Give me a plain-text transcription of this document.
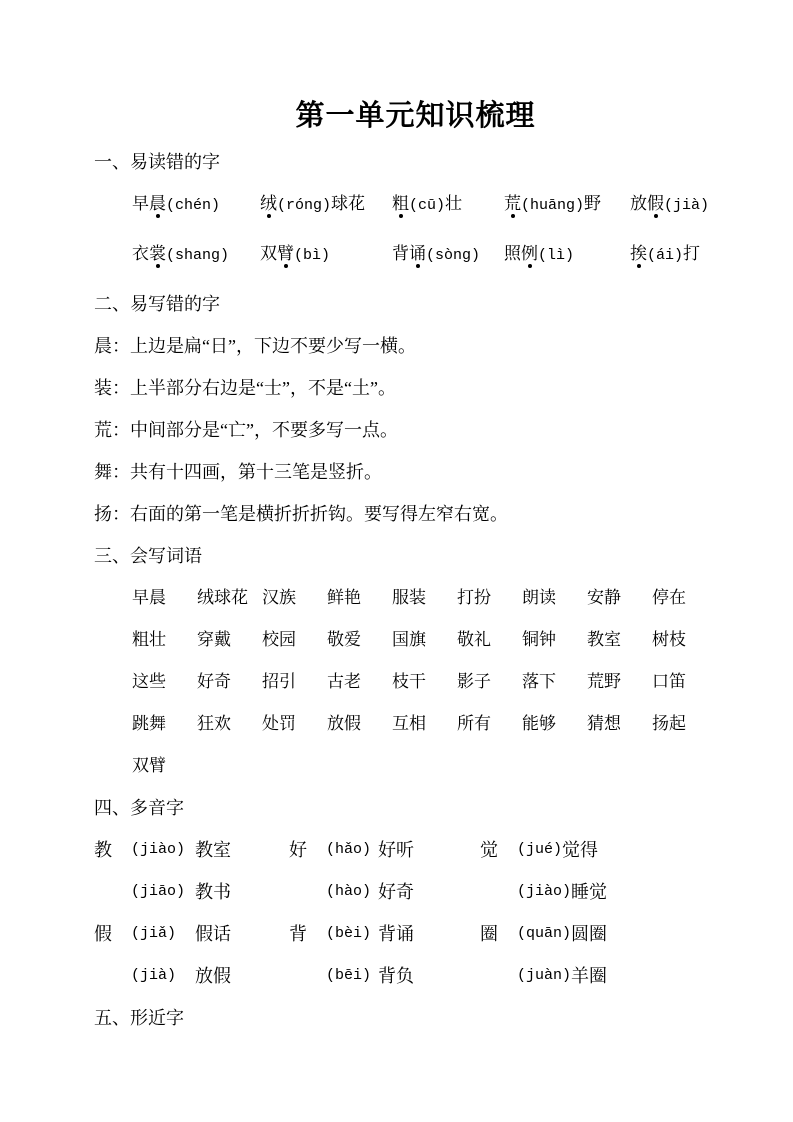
第一单元知识梳理
一、易读错的字
早晨(chén)	绒(róng)球花	粗(cū)壮	荒(huāng)野	放假(jià)
衣裳(shang)	双臂(bì)	背诵(sòng)	照例(lì)	挨(ái)打
二、易写错的字
晨：上边是扁“日”，下边不要少写一横。
装：上半部分右边是“士”，不是“土”。
荒：中间部分是“亡”，不要多写一点。
舞：共有十四画，第十三笔是竖折。
扬：右面的第一笔是横折折折钩。要写得左窄右宽。
三、会写词语
早晨	绒球花 汉族	鲜艳	服装	打扮	朗读	安静	停在
粗壮	穿戴	校园	敬爱	国旗	敬礼	铜钟	教室	树枝
这些	好奇	招引	古老	枝干	影子	落下	荒野	口笛
跳舞	狂欢	处罚	放假	互相	所有	能够	猜想	扬起
双臂
四、多音字
教	(jiào) 教室	好	(hǎo) 好听	觉	(jué) 觉得
(jiāo) 教书	(hào) 好奇	(jiào) 睡觉
假	(jiǎ)	假话	背	(bèi) 背诵	圈	(quān) 圆圈
(jià)	放假	(bēi) 背负	(juàn) 羊圈
五、形近字
